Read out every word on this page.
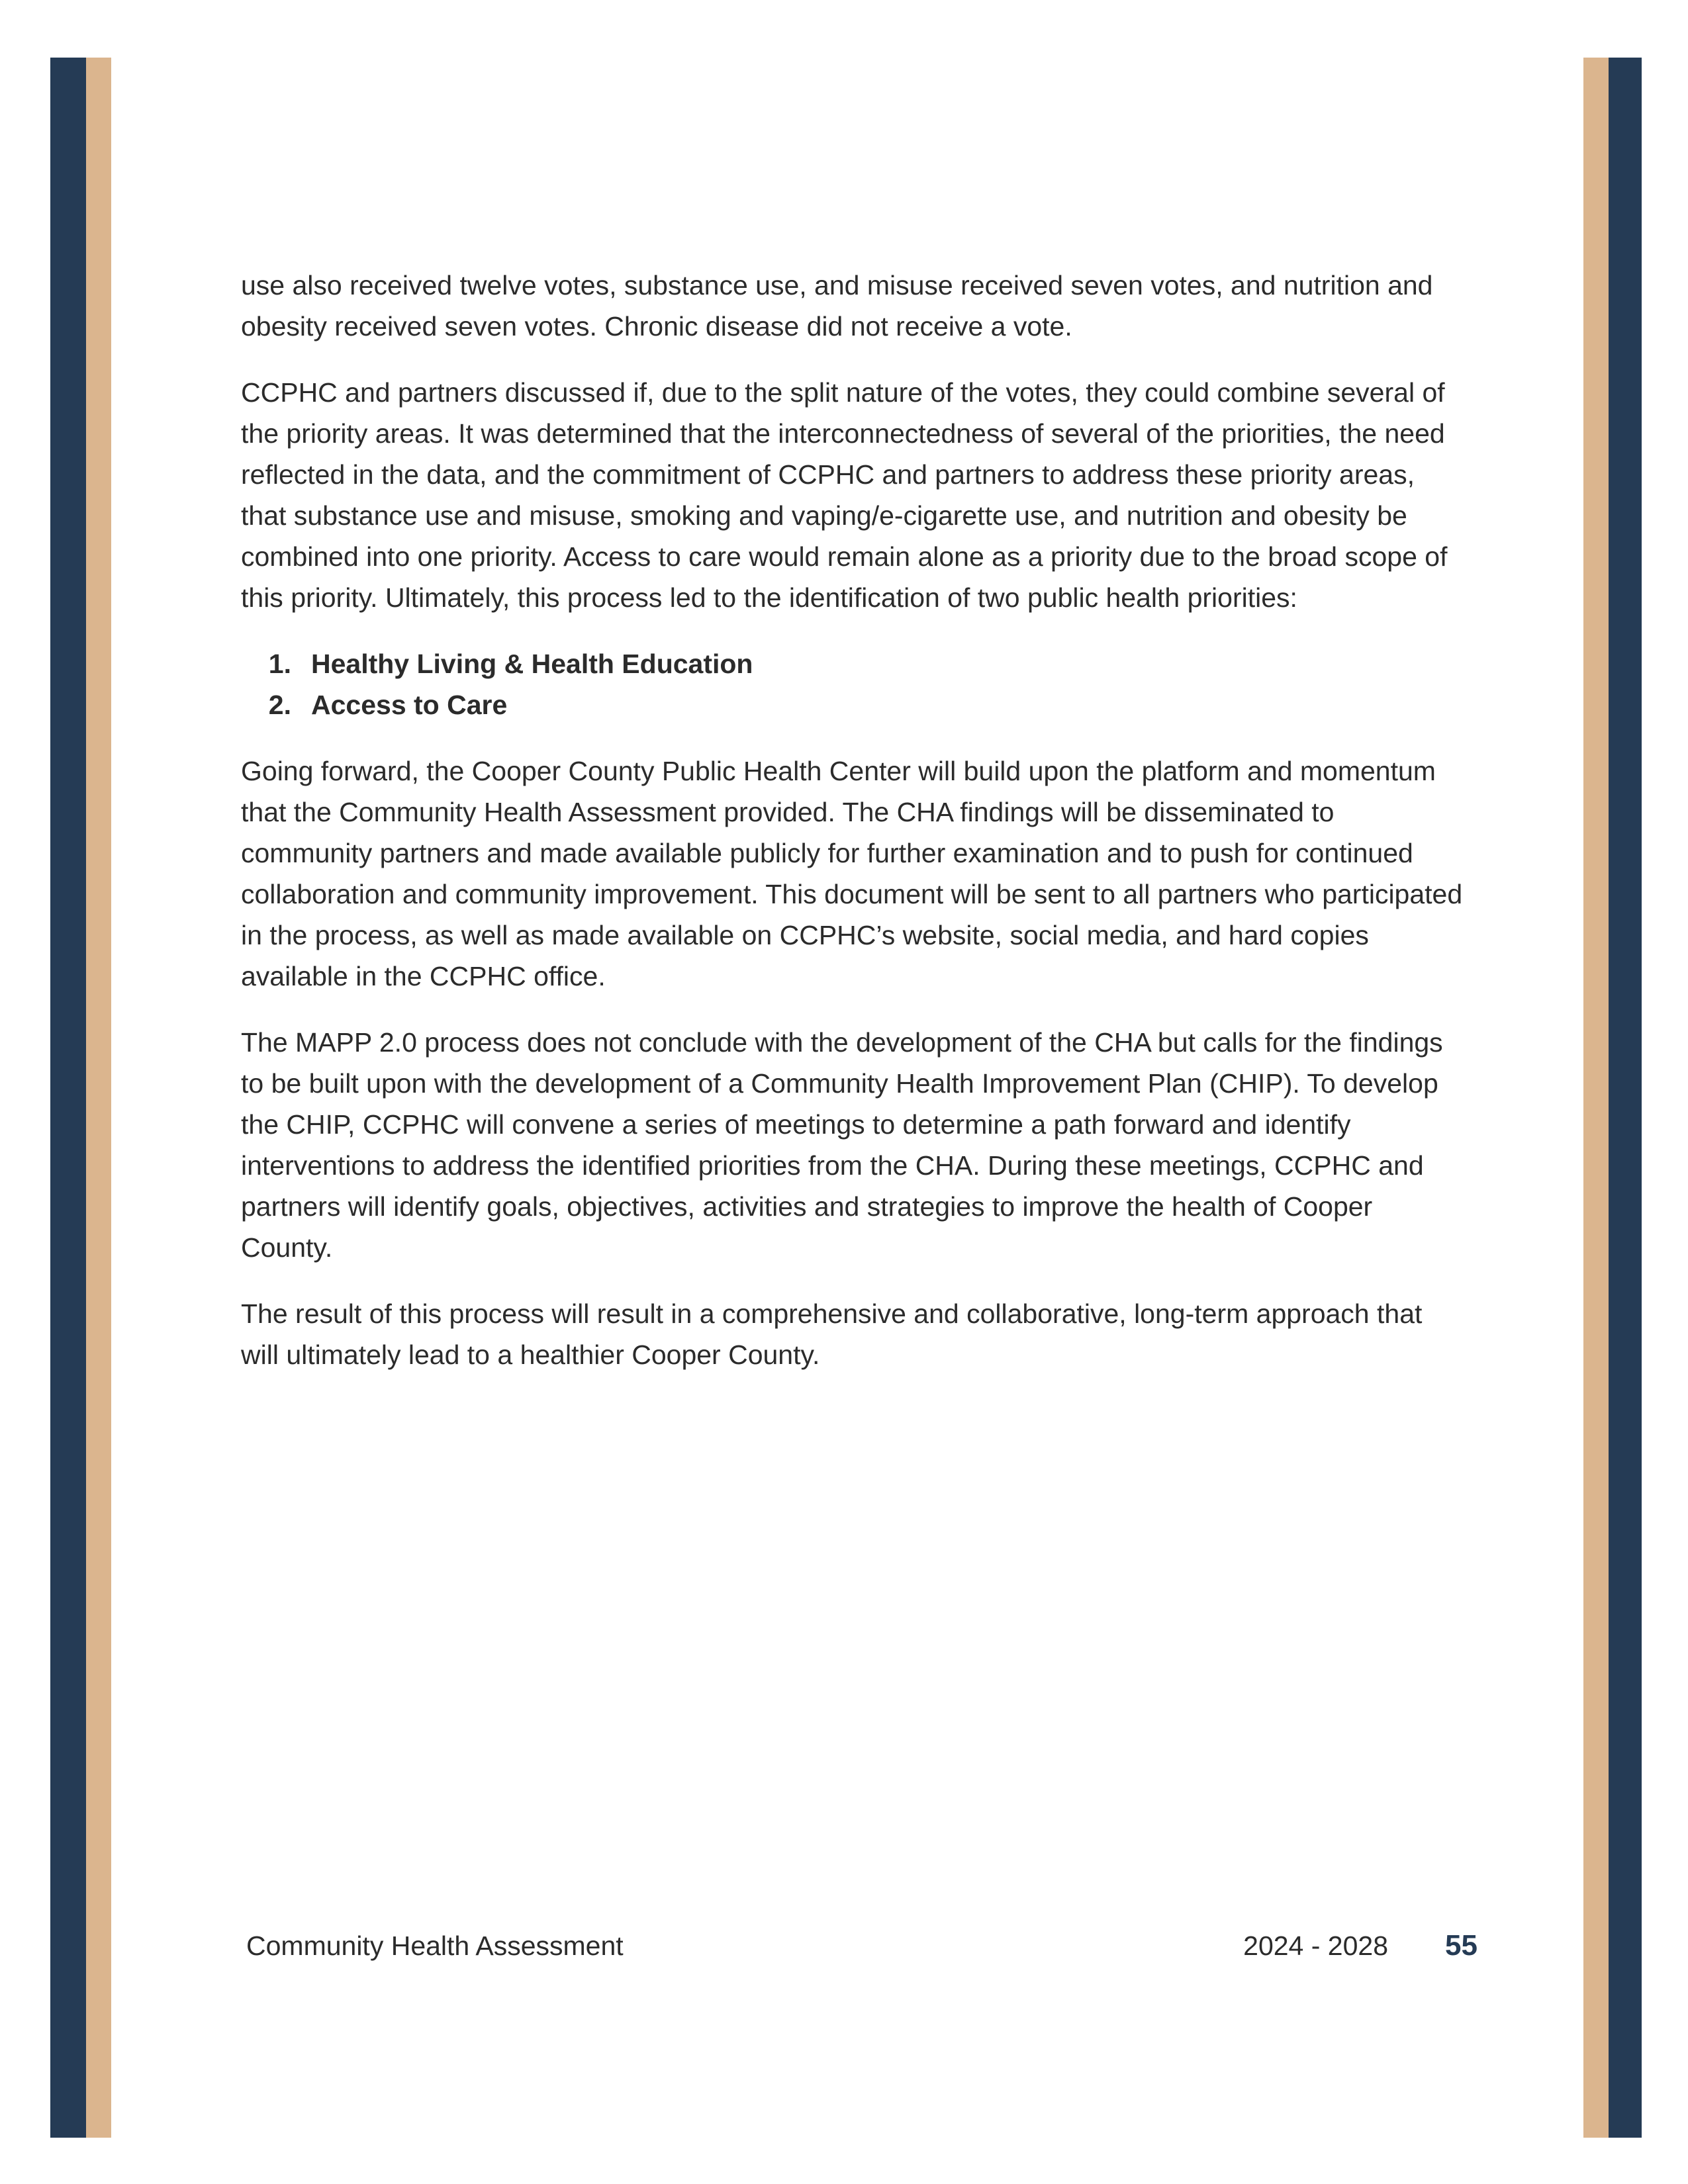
use also received twelve votes, substance use, and misuse received seven votes, and nutrition and obesity received seven votes. Chronic disease did not receive a vote.

CCPHC and partners discussed if, due to the split nature of the votes, they could combine several of the priority areas. It was determined that the interconnectedness of several of the priorities, the need reflected in the data, and the commitment of CCPHC and partners to address these priority areas, that substance use and misuse, smoking and vaping/e-cigarette use, and nutrition and obesity be combined into one priority. Access to care would remain alone as a priority due to the broad scope of this priority. Ultimately, this process led to the identification of two public health priorities:

1. Healthy Living & Health Education
2. Access to Care

Going forward, the Cooper County Public Health Center will build upon the platform and momentum that the Community Health Assessment provided. The CHA findings will be disseminated to community partners and made available publicly for further examination and to push for continued collaboration and community improvement. This document will be sent to all partners who participated in the process, as well as made available on CCPHC’s website, social media, and hard copies available in the CCPHC office.

The MAPP 2.0 process does not conclude with the development of the CHA but calls for the findings to be built upon with the development of a Community Health Improvement Plan (CHIP). To develop the CHIP, CCPHC will convene a series of meetings to determine a path forward and identify interventions to address the identified priorities from the CHA. During these meetings, CCPHC and partners will identify goals, objectives, activities and strategies to improve the health of Cooper County.

The result of this process will result in a comprehensive and collaborative, long-term approach that will ultimately lead to a healthier Cooper County.

Community Health Assessment	2024 - 2028 55
